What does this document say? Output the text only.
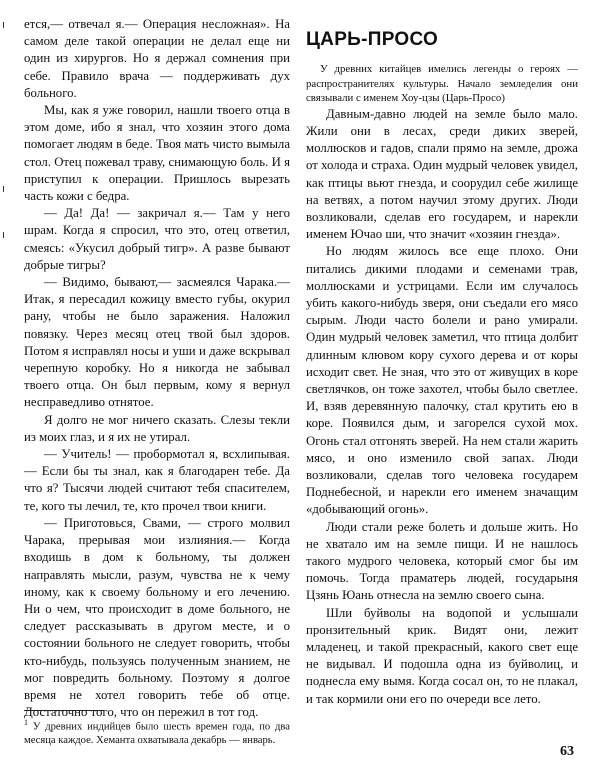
ется,— отвечал я.— Операция несложная». На самом деле такой операции не делал еще ни один из хирургов. Но я держал сомнения при себе. Правило врача — поддерживать дух больного.

Мы, как я уже говорил, нашли твоего отца в этом доме, ибо я знал, что хозяин этого дома помогает людям в беде. Твоя мать чисто вымыла стол. Отец пожевал траву, снимающую боль. И я приступил к операции. Пришлось вырезать часть кожи с бедра.

— Да! Да! — закричал я.— Там у него шрам. Когда я спросил, что это, отец ответил, смеясь: «Укусил добрый тигр». А разве бывают добрые тигры?

— Видимо, бывают,— засмеялся Чарака.— Итак, я пересадил кожицу вместо губы, окурил рану, чтобы не было заражения. Наложил повязку. Через месяц отец твой был здоров. Потом я исправлял носы и уши и даже вскрывал черепную коробку. Но я никогда не забывал твоего отца. Он был первым, кому я вернул несправедливо отнятое.

Я долго не мог ничего сказать. Слезы текли из моих глаз, и я их не утирал.

— Учитель! — пробормотал я, всхлипывая.— Если бы ты знал, как я благодарен тебе. Да что я? Тысячи людей считают тебя спасителем, те, кого ты лечил, те, кто прочел твои книги.

— Приготовься, Свами, — строго молвил Чарака, прерывая мои излияния.— Когда входишь в дом к больному, ты должен направлять мысли, разум, чувства не к чему иному, как к своему больному и его лечению. Ни о чем, что происходит в доме больного, не следует рассказывать в другом месте, и о состоянии больного не следует говорить, чтобы кто-нибудь, пользуясь полученным знанием, не мог повредить больному. Поэтому я долгое время не хотел говорить тебе об отце. Достаточно того, что он пережил в тот год.

$^1$ У древних индийцев было шесть времен года, по два месяца каждое. Хеманта охватывала декабрь — январь.
ЦАРЬ-ПРОСО

У древних китайцев имелись легенды о героях — распространителях культуры. Начало земледелия они связывали с именем Хоу-цзы (Царь-Просо)

Давным-давно людей на земле было мало. Жили они в лесах, среди диких зверей, моллюсков и гадов, спали прямо на земле, дрожа от холода и страха. Один мудрый человек увидел, как птицы вьют гнезда, и соорудил себе жилище на ветвях, а потом научил этому других. Люди возликовали, сделав его государем, и нарекли именем Ючао ши, что значит «хозяин гнезда».

Но людям жилось все еще плохо. Они питались дикими плодами и семенами трав, моллюсками и устрицами. Если им случалось убить какого-нибудь зверя, они съедали его мясо сырым. Люди часто болели и рано умирали. Один мудрый человек заметил, что птица долбит длинным клювом кору сухого дерева и от коры исходит свет. Не зная, что это от живущих в коре светлячков, он тоже захотел, чтобы было светлее. И, взяв деревянную палочку, стал крутить ею в коре. Появился дым, и загорелся сухой мох. Огонь стал отгонять зверей. На нем стали жарить мясо, и оно изменило свой запах. Люди возликовали, сделав того человека государем Поднебесной, и нарекли его именем значащим «добывающий огонь».

Люди стали реже болеть и дольше жить. Но не хватало им на земле пищи. И не нашлось такого мудрого человека, который смог бы им помочь. Тогда праматерь людей, государыня Цзянь Юань отнесла на землю своего сына.

Шли буйволы на водопой и услышали пронзительный крик. Видят они, лежит младенец, и такой прекрасный, какого свет еще не видывал. И подошла одна из буйволиц, и поднесла ему вымя. Когда сосал он, то не плакал, и так кормили они его по очереди все лето.

63
